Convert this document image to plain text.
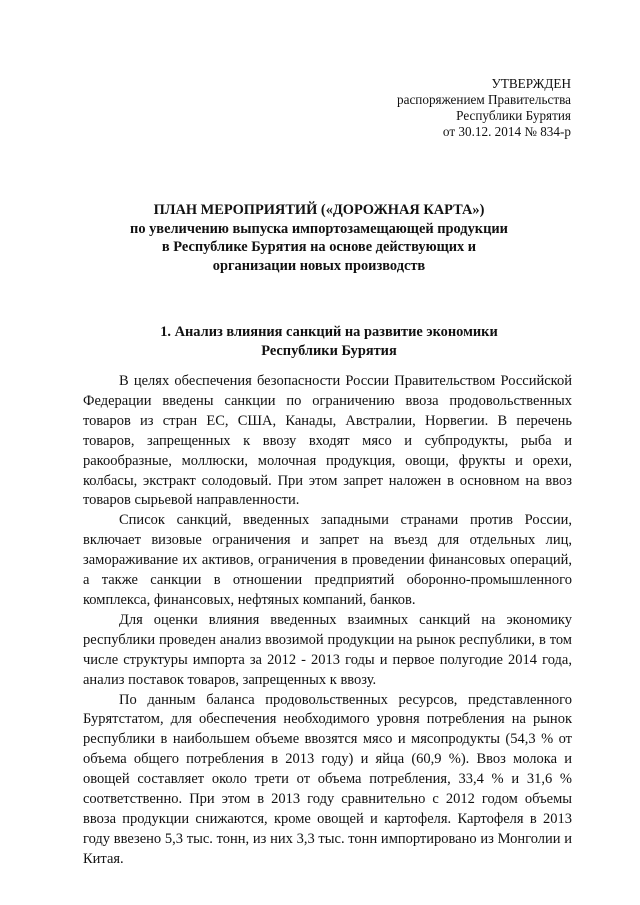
УТВЕРЖДЕН
распоряжением Правительства
Республики Бурятия
от 30.12. 2014 № 834-р
ПЛАН МЕРОПРИЯТИЙ («ДОРОЖНАЯ КАРТА»)
по увеличению выпуска импортозамещающей продукции
в Республике Бурятия на основе действующих и
организации новых производств
1. Анализ влияния санкций на развитие экономики
Республики Бурятия

В целях обеспечения безопасности России Правительством Российской Федерации введены санкции по ограничению ввоза продовольственных товаров из стран ЕС, США, Канады, Австралии, Норвегии. В перечень товаров, запрещенных к ввозу входят мясо и субпродукты, рыба и ракообразные, моллюски, молочная продукция, овощи, фрукты и орехи, колбасы, экстракт солодовый. При этом запрет наложен в основном на ввоз товаров сырьевой направленности.

Список санкций, введенных западными странами против России, включает визовые ограничения и запрет на въезд для отдельных лиц, замораживание их активов, ограничения в проведении финансовых операций, а также санкции в отношении предприятий оборонно-промышленного комплекса, финансовых, нефтяных компаний, банков.

Для оценки влияния введенных взаимных санкций на экономику республики проведен анализ ввозимой продукции на рынок республики, в том числе структуры импорта за 2012 - 2013 годы и первое полугодие 2014 года, анализ поставок товаров, запрещенных к ввозу.

По данным баланса продовольственных ресурсов, представленного Бурятстатом, для обеспечения необходимого уровня потребления на рынок республики в наибольшем объеме ввозятся мясо и мясопродукты (54,3 % от объема общего потребления в 2013 году) и яйца (60,9 %). Ввоз молока и овощей составляет около трети от объема потребления, 33,4 % и 31,6 % соответственно. При этом в 2013 году сравнительно с 2012 годом объемы ввоза продукции снижаются, кроме овощей и картофеля. Картофеля в 2013 году ввезено 5,3 тыс. тонн, из них 3,3 тыс. тонн импортировано из Монголии и Китая.
